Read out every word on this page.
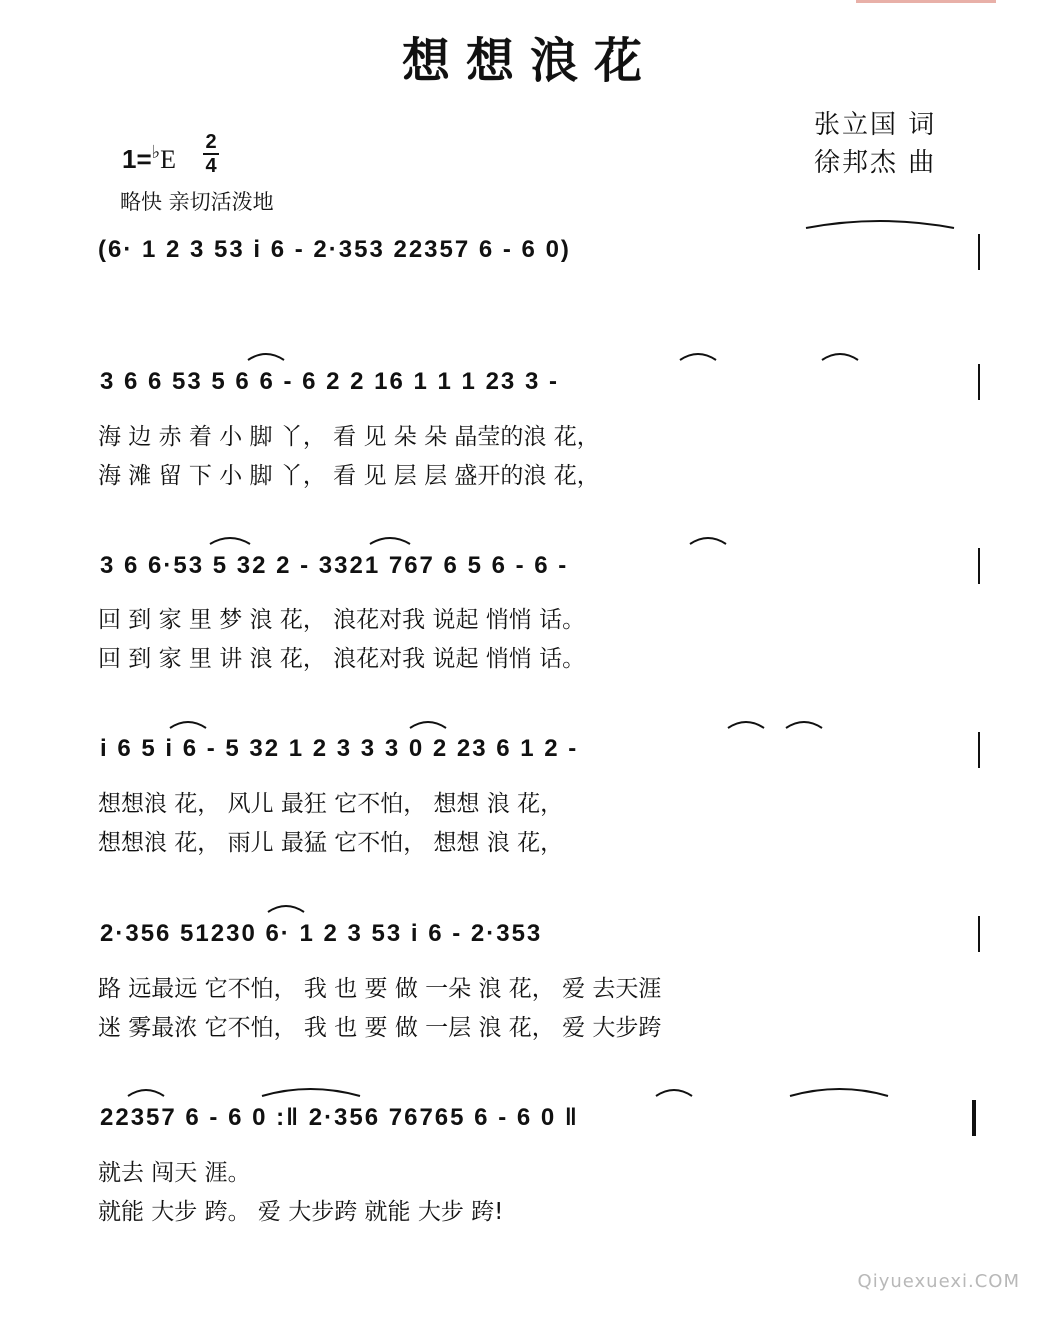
想想浪花
张立国 词
徐邦杰 曲
1=♭E
2
4
略快 亲切活泼地
(6· 1 2 3 53 i 6 - 2·353 22357 6 - 6 0)
3 6 6 53 5 6 6 - 6 2 2 16 1 1 1 23 3 -
海 边 赤 着 小 脚 丫， 看 见 朵 朵 晶莹的浪 花，
海 滩 留 下 小 脚 丫， 看 见 层 层 盛开的浪 花，
3 6 6·53 5 32 2 - 3321 767 6 5 6 - 6 -
回 到 家 里 梦 浪 花， 浪花对我 说起 悄悄 话。
回 到 家 里 讲 浪 花， 浪花对我 说起 悄悄 话。
i 6 5 i 6 - 5 32 1 2 3 3 3 0 2 23 6 1 2 -
想想浪 花， 风儿 最狂 它不怕， 想想 浪 花，
想想浪 花， 雨儿 最猛 它不怕， 想想 浪 花，
2·356 51230 6· 1 2 3 53 i 6 - 2·353
路 远最远 它不怕， 我 也 要 做 一朵 浪 花， 爱 去天涯
迷 雾最浓 它不怕， 我 也 要 做 一层 浪 花， 爱 大步跨
22357 6 - 6 0 :‖ 2·356 76765 6 - 6 0 ‖
就去 闯天 涯。
就能 大步 跨。 爱 大步跨 就能 大步 跨!
Qiyuexuexi.COM
